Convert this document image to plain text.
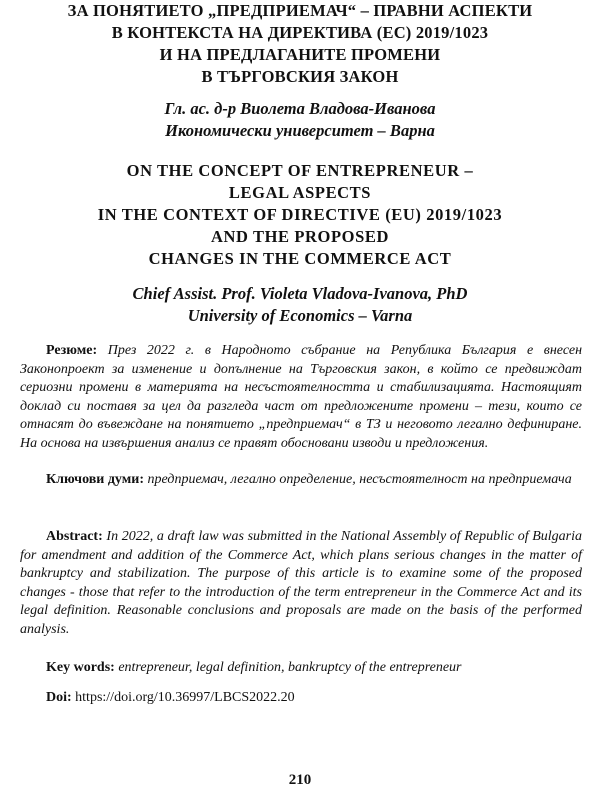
ЗА ПОНЯТИЕТО „ПРЕДПРИЕМАЧ“ – ПРАВНИ АСПЕКТИ
В КОНТЕКСТА НА ДИРЕКТИВА (ЕС) 2019/1023
И НА ПРЕДЛАГАНИТЕ ПРОМЕНИ
В ТЪРГОВСКИЯ ЗАКОН
Гл. ас. д-р Виолета Владова-Иванова
Икономически университет – Варна
ON THE CONCEPT OF ENTREPRENEUR –
LEGAL ASPECTS
IN THE CONTEXT OF DIRECTIVE (EU) 2019/1023
AND THE PROPOSED
CHANGES IN THE COMMERCE ACT
Chief Assist. Prof. Violeta Vladova-Ivanova, PhD
University of Economics – Varna
Резюме: През 2022 г. в Народното събрание на Република България е внесен Законопроект за изменение и допълнение на Търговския закон, в който се предвиждат сериозни промени в материята на несъстоятелността и стабилизацията. Настоящият доклад си поставя за цел да разгледа част от предложените промени – тези, които се отнасят до въвеждане на понятието „предприемач“ в ТЗ и неговото легално дефиниране. На основа на извършения анализ се правят обосновани изводи и предложения.
Ключови думи: предприемач, легално определение, несъстоятелност на предприемача
Abstract: In 2022, a draft law was submitted in the National Assembly of Republic of Bulgaria for amendment and addition of the Commerce Act, which plans serious changes in the matter of bankruptcy and stabilization. The purpose of this article is to examine some of the proposed changes - those that refer to the introduction of the term entrepreneur in the Commerce Act and its legal definition. Reasonable conclusions and proposals are made on the basis of the performed analysis.
Key words: entrepreneur, legal definition, bankruptcy of the entrepreneur
Doi: https://doi.org/10.36997/LBCS2022.20
210
